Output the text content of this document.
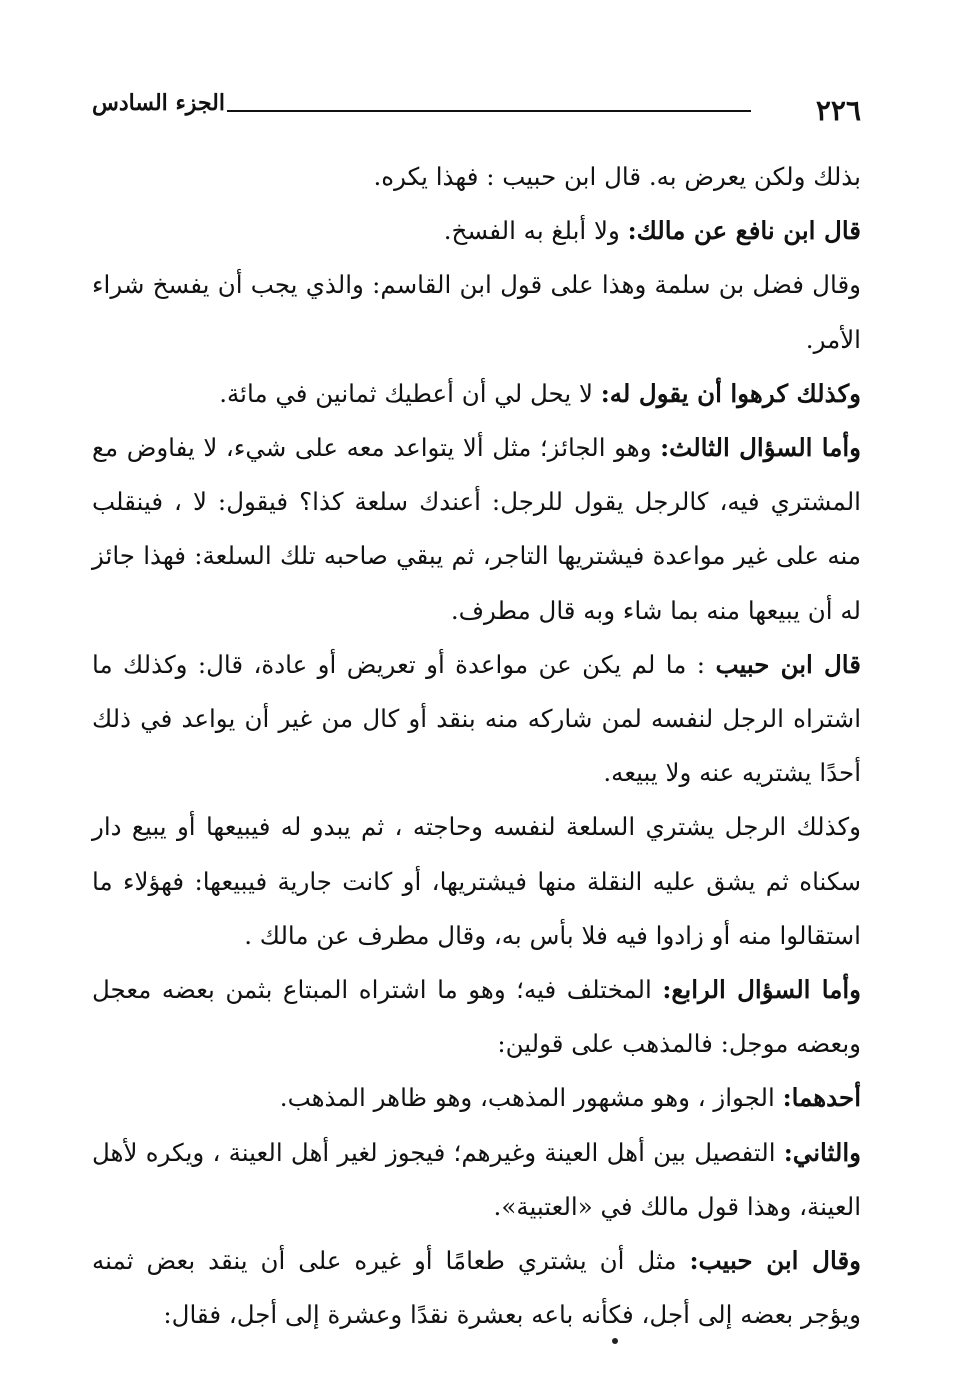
٢٢٦
الجزء السادس

بذلك ولكن يعرض به. قال ابن حبيب : فهذا يكره.

قال ابن نافع عن مالك: ولا أبلغ به الفسخ.

وقال فضل بن سلمة وهذا على قول ابن القاسم: والذي يجب أن يفسخ شراء الأمر.

وكذلك كرهوا أن يقول له: لا يحل لي أن أعطيك ثمانين في مائة.

وأما السؤال الثالث: وهو الجائز؛ مثل ألا يتواعد معه على شيء، لا يفاوض مع المشتري فيه، كالرجل يقول للرجل: أعندك سلعة كذا؟ فيقول: لا ، فينقلب منه على غير مواعدة فيشتريها التاجر، ثم يبقي صاحبه تلك السلعة: فهذا جائز له أن يبيعها منه بما شاء وبه قال مطرف.

قال ابن حبيب : ما لم يكن عن مواعدة أو تعريض أو عادة، قال: وكذلك ما اشتراه الرجل لنفسه لمن شاركه منه بنقد أو كال من غير أن يواعد في ذلك أحدًا يشتريه عنه ولا يبيعه.

وكذلك الرجل يشتري السلعة لنفسه وحاجته ، ثم يبدو له فيبيعها أو يبيع دار سكناه ثم يشق عليه النقلة منها فيشتريها، أو كانت جارية فيبيعها: فهؤلاء ما استقالوا منه أو زادوا فيه فلا بأس به، وقال مطرف عن مالك .

وأما السؤال الرابع: المختلف فيه؛ وهو ما اشتراه المبتاع بثمن بعضه معجل وبعضه موجل: فالمذهب على قولين:

أحدهما: الجواز ، وهو مشهور المذهب، وهو ظاهر المذهب.

والثاني: التفصيل بين أهل العينة وغيرهم؛ فيجوز لغير أهل العينة ، ويكره لأهل العينة، وهذا قول مالك في «العتبية».

وقال ابن حبيب: مثل أن يشتري طعامًا أو غيره على أن ينقد بعض ثمنه ويؤجر بعضه إلى أجل، فكأنه باعه بعشرة نقدًا وعشرة إلى أجل، فقال:
